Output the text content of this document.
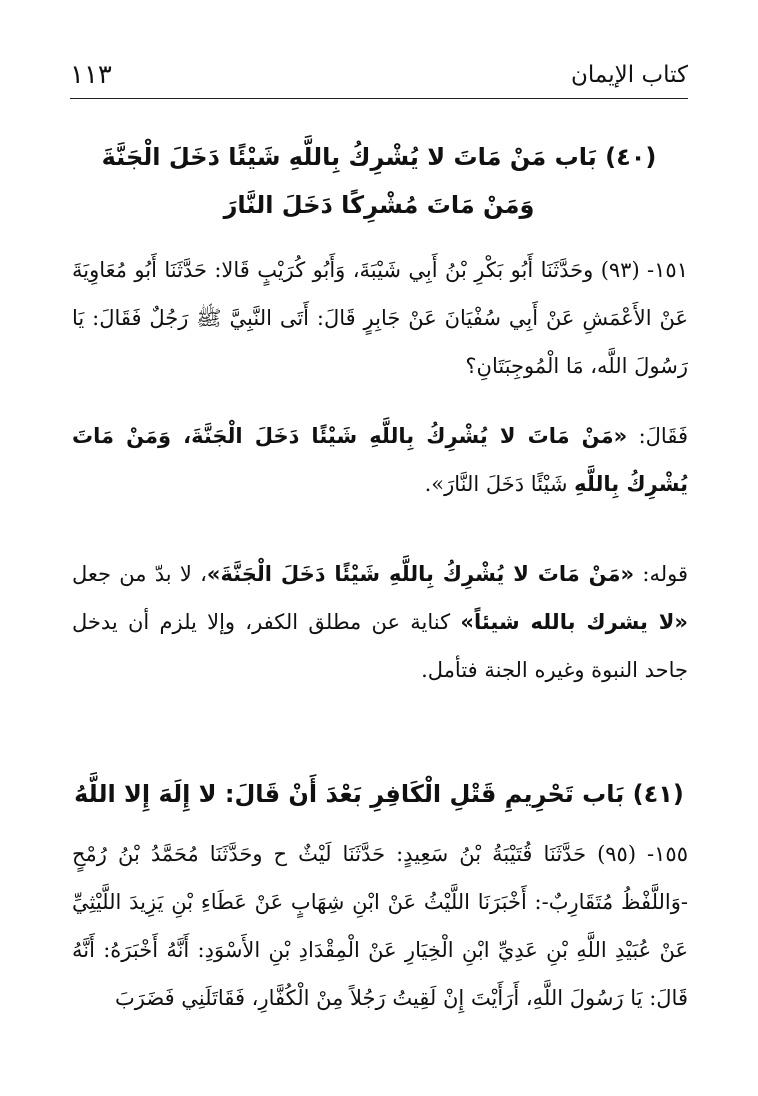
كتاب الإيمان
١١٣
(٤٠) بَاب مَنْ مَاتَ لا يُشْرِكُ بِاللَّهِ شَيْئًا دَخَلَ الْجَنَّةَ
وَمَنْ مَاتَ مُشْرِكًا دَخَلَ النَّارَ
١٥١- (٩٣) وحَدَّثَنَا أَبُو بَكْرِ بْنُ أَبِي شَيْبَةَ، وَأَبُو كُرَيْبٍ قَالا: حَدَّثَنَا أَبُو مُعَاوِيَةَ عَنْ الأَعْمَشِ عَنْ أَبِي سُفْيَانَ عَنْ جَابِرٍ قَالَ: أَتَى النَّبِيَّ ﷺ رَجُلٌ فَقَالَ: يَا رَسُولَ اللَّه، مَا الْمُوجِبَتَانِ؟
فَقَالَ: «مَنْ مَاتَ لا يُشْرِكُ بِاللَّهِ شَيْئًا دَخَلَ الْجَنَّةَ، وَمَنْ مَاتَ يُشْرِكُ بِاللَّهِ شَيْئًا دَخَلَ النَّارَ».
قوله: «مَنْ مَاتَ لا يُشْرِكُ بِاللَّهِ شَيْئًا دَخَلَ الْجَنَّةَ»، لا بدّ من جعل «لا يشرك بالله شيئاً» كناية عن مطلق الكفر، وإلا يلزم أن يدخل جاحد النبوة وغيره الجنة فتأمل.
(٤١) بَاب تَحْرِيمِ قَتْلِ الْكَافِرِ بَعْدَ أَنْ قَالَ: لا إِلَهَ إِلا اللَّهُ
١٥٥- (٩٥) حَدَّثَنَا قُتَيْبَةُ بْنُ سَعِيدٍ: حَدَّثَنَا لَيْثٌ ح وحَدَّثَنَا مُحَمَّدُ بْنُ رُمْحٍ -وَاللَّفْظُ مُتَقَارِبٌ-: أَخْبَرَنَا اللَّيْثُ عَنْ ابْنِ شِهَابٍ عَنْ عَطَاءِ بْنِ يَزِيدَ اللَّيْثِيِّ عَنْ عُبَيْدِ اللَّهِ بْنِ عَدِيِّ ابْنِ الْخِيَارِ عَنْ الْمِقْدَادِ بْنِ الأَسْوَدِ: أَنَّهُ أَخْبَرَهُ: أَنَّهُ قَالَ: يَا رَسُولَ اللَّهِ، أَرَأَيْتَ إِنْ لَقِيتُ رَجُلاً مِنْ الْكُفَّارِ، فَقَاتَلَنِي فَضَرَبَ
